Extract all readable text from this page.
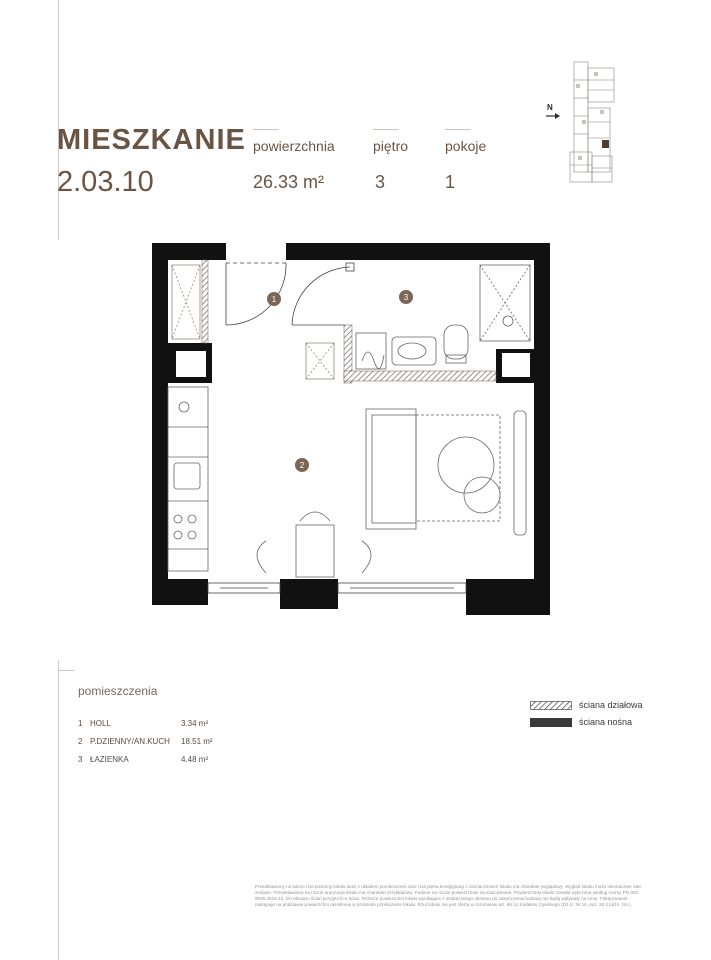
MIESZKANIE
2.03.10
powierzchnia
26.33 m²
piętro
3
pokoje
1
N
1
2
3
pomieszczenia
1 HOLL	3.34 m²
2 P.DZIENNY/AN.KUCH 18.51 m²
3 ŁAZIENKA	4.48 m²
ściana działowa
ściana nośna
Przedstawiony na karcie rzut poziomy lokalu wraz z układem pomieszczeń oraz rzut piętra kondygnacji z zaznaczeniem lokalu ma charakter poglądowy. Wygląd lokalu może nieznacznie ulec zmianie. Przedstawiona na rzucie aranżacja lokalu ma charakter przykładowy. Podane na rzucie powierzchnie są szacunkowe. Powierzchnia lokalu została wyliczona według normy PN-ISO 9836:2015-12. Do obmiaru ścian przyjęto lico ścian. Różnice powierzchni lokalu wynikające z ostatecznego obmiaru po zakończeniu budowy nie będą wpływały na cenę. Fakturowanie następuje na podstawie powierzchni określonej w protokole przekazania lokalu. Rzut lokalu nie jest ofertą w rozumieniu art. 66 §1 Kodeksu Cywilnego (Dz.U. Nr 16, poz. 93 z późn. zm.).
